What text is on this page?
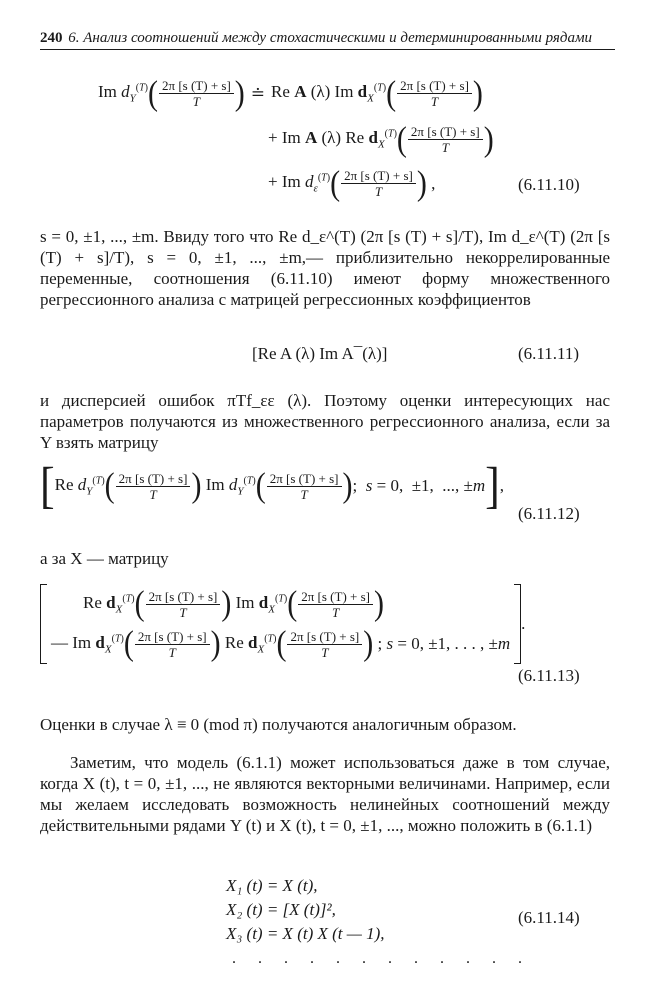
240 6. Анализ соотношений между стохастическими и детерминированными рядами
Im $d_Y^{(T)}$ ( $\frac{2\pi [s (T) + s]}{T}$ ) ≐ Re A (λ) Im $d_X^{(T)}$ ( $\frac{2\pi [s (T) + s]}{T}$ )
+ Im A (λ) Re $d_X^{(T)}$ ( $\frac{2\pi [s (T) + s]}{T}$ )
+ Im $d_\varepsilon^{(T)}$ ( $\frac{2\pi [s (T) + s]}{T}$ ) ,	(6.11.10)

s = 0, ±1, ..., ±m. Ввиду того что Re d_ε^(T) (2π [s (T) + s]/T), Im d_ε^(T) (2π [s (T) + s]/T), s = 0, ±1, ..., ±m,— приблизительно некоррелированные переменные, соотношения (6.11.10) имеют форму множественного регрессионного анализа с матрицей регрессионных коэффициентов

[Re A (λ) Im A¯(λ)]	(6.11.11)

и дисперсией ошибок πTf_εε (λ). Поэтому оценки интересующих нас параметров получаются из множественного регрессионного анализа, если за Y взять матрицу

[ Re $d_Y^{(T)}$ ( $\frac{2\pi [s (T) + s]}{T}$ ) Im $d_Y^{(T)}$ ( $\frac{2\pi [s (T) + s]}{T}$ ) ;  s = 0,  ±1,  ..., ±m ] ,
(6.11.12)

а за X — матрицу

Re $d_X^{(T)}$ ( $\frac{2\pi [s (T) + s]}{T}$ ) Im $d_X^{(T)}$ ( $\frac{2\pi [s (T) + s]}{T}$ )
— Im $d_X^{(T)}$ ( $\frac{2\pi [s (T) + s]}{T}$ ) Re $d_X^{(T)}$ ( $\frac{2\pi [s (T) + s]}{T}$ ) ; s = 0, ±1, . . . , ±m
.
(6.11.13)

Оценки в случае λ ≡ 0 (mod π) получаются аналогичным образом.

Заметим, что модель (6.1.1) может использоваться даже в том случае, когда X (t), t = 0, ±1, ..., не являются векторными величинами. Например, если мы желаем исследовать возможность нелинейных соотношений между действительными рядами Y (t) и X (t), t = 0, ±1, ..., можно положить в (6.1.1)

X₁ (t) = X (t),
X₂ (t) = [X (t)]²,
X₃ (t) = X (t) X (t — 1),
(6.11.14)
. . . . . . . . . . . .
